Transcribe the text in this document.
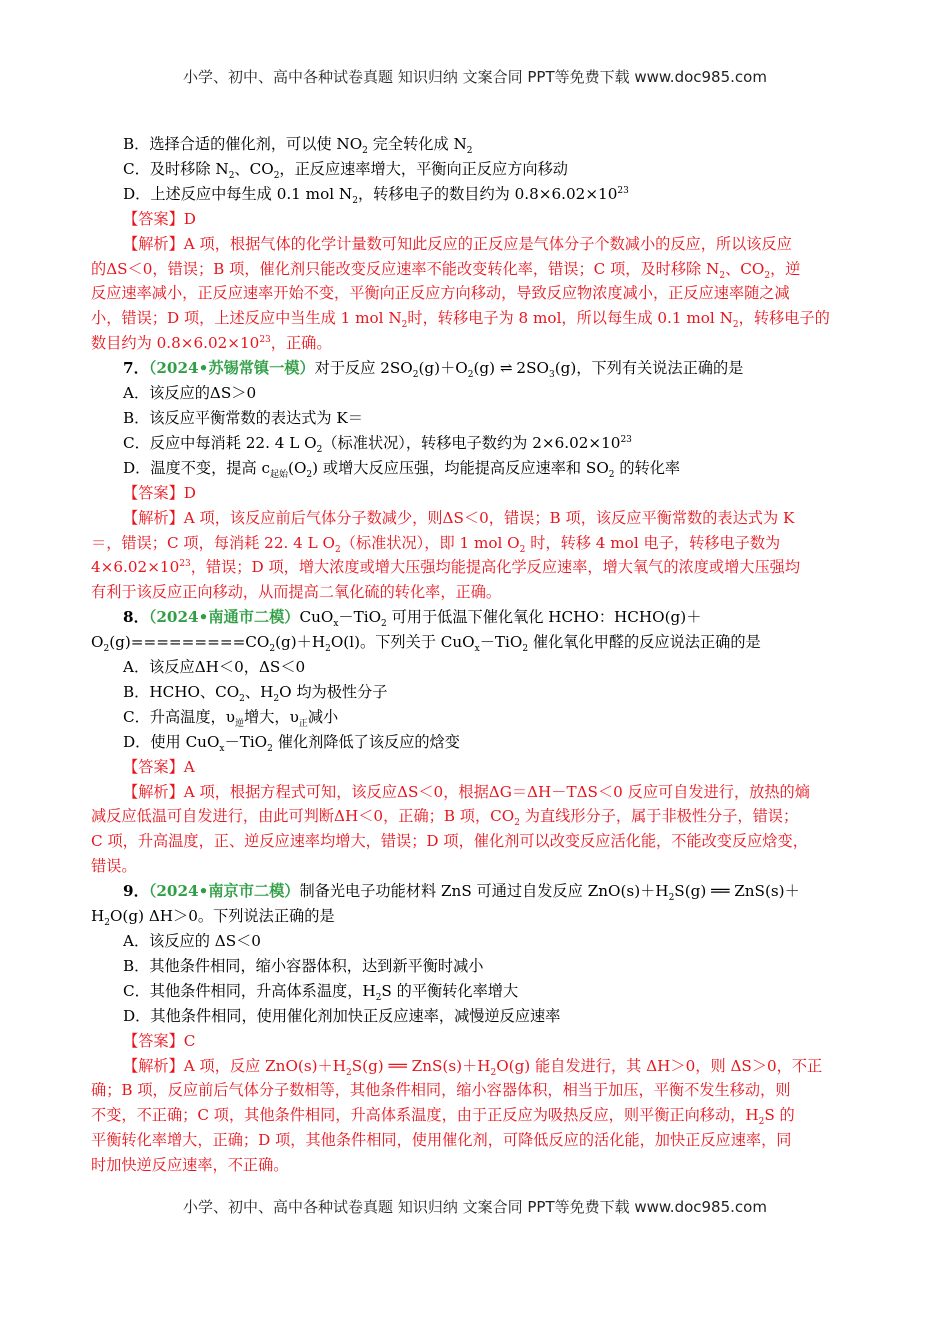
小学、初中、高中各种试卷真题 知识归纳 文案合同 PPT等免费下载 www.doc985.com

B．选择合适的催化剂，可以使 $NO_2$ 完全转化成 $N_2$

C．及时移除 $N_2$、$CO_2$，正反应速率增大，平衡向正反应方向移动

D．上述反应中每生成 0.1 mol $N_2$，转移电子的数目约为 $0.8\times 6.02\times 10^{23}$

【答案】D

【解析】A 项，根据气体的化学计量数可知此反应的正反应是气体分子个数减小的反应，所以该反应

的ΔS＜0，错误；B 项，催化剂只能改变反应速率不能改变转化率，错误；C 项，及时移除 $N_2$、$CO_2$，逆

反应速率减小，正反应速率开始不变，平衡向正反应方向移动，导致反应物浓度减小，正反应速率随之减

小，错误；D 项，上述反应中当生成 1 mol $N_2$时，转移电子为 8 mol，所以每生成 0.1 mol $N_2$，转移电子的

数目约为 $0.8\times 6.02\times 10^{23}$，正确。

7．（2024•苏锡常镇一模）对于反应 $2SO_2(g)+O_2(g)$ ⇌ $2SO_3(g)$，下列有关说法正确的是

A．该反应的ΔS＞0

B．该反应平衡常数的表达式为 K＝

C．反应中每消耗 22. 4 L $O_2$（标准状况），转移电子数约为 $2\times 6.02\times 10^{23}$

D．温度不变，提高 $c_{起始}(O_2)$ 或增大反应压强，均能提高反应速率和 $SO_2$ 的转化率

【答案】D

【解析】A 项，该反应前后气体分子数减少，则ΔS＜0，错误；B 项，该反应平衡常数的表达式为 K

＝，错误；C 项，每消耗 22. 4 L $O_2$（标准状况），即 1 mol $O_2$ 时，转移 4 mol 电子，转移电子数为

$4\times 6.02\times 10^{23}$，错误；D 项，增大浓度或增大压强均能提高化学反应速率，增大氧气的浓度或增大压强均

有利于该反应正向移动，从而提高二氧化硫的转化率，正确。

8．（2024•南通市二模）CuO$_x$－TiO$_2$ 可用于低温下催化氧化 HCHO：HCHO(g)＋

$O_2(g)=========CO_2(g)+H_2O(l)$。下列关于 CuO$_x$－TiO$_2$ 催化氧化甲醛的反应说法正确的是

A．该反应ΔH＜0，ΔS＜0

B．HCHO、$CO_2$、$H_2O$ 均为极性分子

C．升高温度，$\upsilon_逆$增大，$\upsilon_正$减小

D．使用 CuO$_x$－TiO$_2$ 催化剂降低了该反应的焓变

【答案】A

【解析】A 项，根据方程式可知，该反应ΔS＜0，根据ΔG＝ΔH－TΔS＜0 反应可自发进行，放热的熵

减反应低温可自发进行，由此可判断ΔH＜0，正确；B 项，$CO_2$ 为直线形分子，属于非极性分子，错误；

C 项，升高温度，正、逆反应速率均增大，错误；D 项，催化剂可以改变反应活化能，不能改变反应焓变，

错误。

9．（2024•南京市二模）制备光电子功能材料 ZnS 可通过自发反应 $ZnO(s)+H_2S(g)$ ══ ZnS(s)＋

$H_2O(g)$ ΔH＞0。下列说法正确的是

A．该反应的 ΔS＜0

B．其他条件相同，缩小容器体积，达到新平衡时减小

C．其他条件相同，升高体系温度，$H_2S$ 的平衡转化率增大

D．其他条件相同，使用催化剂加快正反应速率，减慢逆反应速率

【答案】C

【解析】A 项，反应 $ZnO(s)+H_2S(g)$ ══ $ZnS(s)+H_2O(g)$ 能自发进行，其 ΔH＞0，则 ΔS＞0，不正

确；B 项，反应前后气体分子数相等，其他条件相同，缩小容器体积，相当于加压，平衡不发生移动，则

不变，不正确；C 项，其他条件相同，升高体系温度，由于正反应为吸热反应，则平衡正向移动，$H_2S$ 的

平衡转化率增大，正确；D 项，其他条件相同，使用催化剂，可降低反应的活化能，加快正反应速率，同

时加快逆反应速率，不正确。

小学、初中、高中各种试卷真题 知识归纳 文案合同 PPT等免费下载 www.doc985.com
